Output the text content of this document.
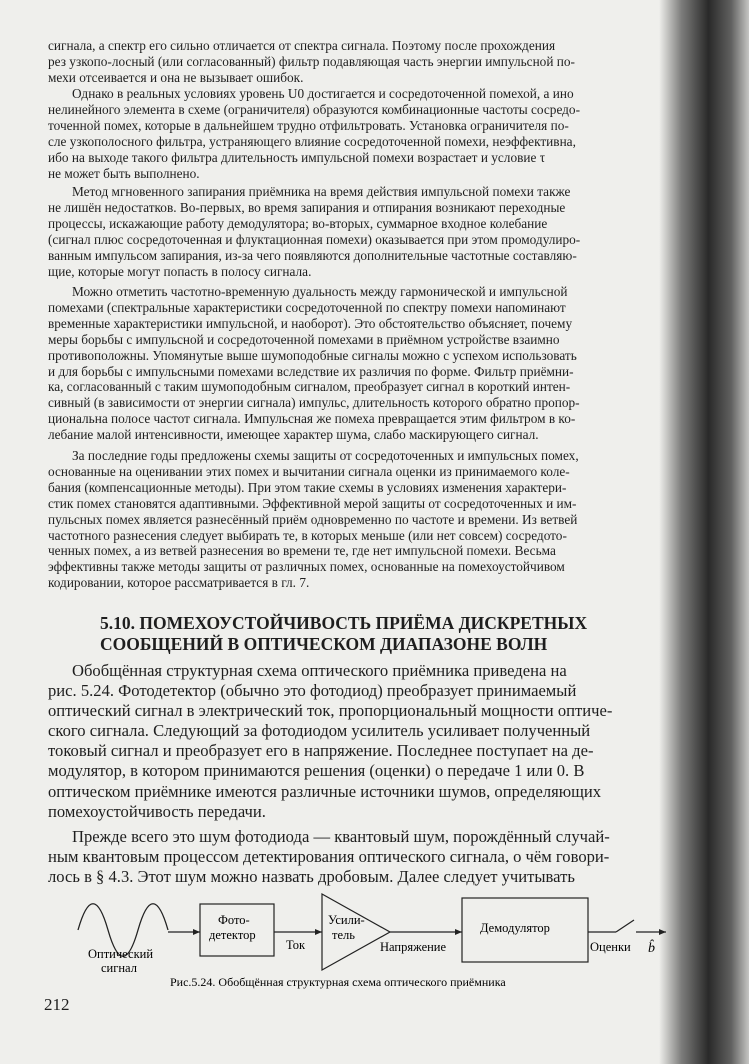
сигнала, а спектр его сильно отличается от спектра сигнала. Поэтому после прохождения
рез узкопо-лосный (или согласованный) фильтр подавляющая часть энергии импульсной по-
мехи отсеивается и она не вызывает ошибок.
Однако в реальных условиях уровень U0 достигается и сосредоточенной помехой, а ино
нелинейного элемента в схеме (ограничителя) образуются комбинационные частоты сосредо-
точенной помех, которые в дальнейшем трудно отфильтровать. Установка ограничителя по-
сле узкополосного фильтра, устраняющего влияние сосредоточенной помехи, неэффективна,
ибо на выходе такого фильтра длительность импульсной помехи возрастает и условие τ
не может быть выполнено.
Метод мгновенного запирания приёмника на время действия импульсной помехи также
не лишён недостатков. Во-первых, во время запирания и отпирания возникают переходные
процессы, искажающие работу демодулятора; во-вторых, суммарное входное колебание
(сигнал плюс сосредоточенная и флуктационная помехи) оказывается при этом промодулиро-
ванным импульсом запирания, из-за чего появляются дополнительные частотные составляю-
щие, которые могут попасть в полосу сигнала.
Можно отметить частотно-временную дуальность между гармонической и импульсной
помехами (спектральные характеристики сосредоточенной по спектру помехи напоминают
временные характеристики импульсной, и наоборот). Это обстоятельство объясняет, почему
меры борьбы с импульсной и сосредоточенной помехами в приёмном устройстве взаимно
противоположны. Упомянутые выше шумоподобные сигналы можно с успехом использовать
и для борьбы с импульсными помехами вследствие их различия по форме. Фильтр приёмни-
ка, согласованный с таким шумоподобным сигналом, преобразует сигнал в короткий интен-
сивный (в зависимости от энергии сигнала) импульс, длительность которого обратно пропор-
циональна полосе частот сигнала. Импульсная же помеха превращается этим фильтром в ко-
лебание малой интенсивности, имеющее характер шума, слабо маскирующего сигнал.
За последние годы предложены схемы защиты от сосредоточенных и импульсных помех,
основанные на оценивании этих помех и вычитании сигнала оценки из принимаемого коле-
бания (компенсационные методы). При этом такие схемы в условиях изменения характери-
стик помех становятся адаптивными. Эффективной мерой защиты от сосредоточенных и им-
пульсных помех является разнесённый приём одновременно по частоте и времени. Из ветвей
частотного разнесения следует выбирать те, в которых меньше (или нет совсем) сосредото-
ченных помех, а из ветвей разнесения во времени те, где нет импульсной помехи. Весьма
эффективны также методы защиты от различных помех, основанные на помехоустойчивом
кодировании, которое рассматривается в гл. 7.
5.10. ПОМЕХОУСТОЙЧИВОСТЬ ПРИЁМА ДИСКРЕТНЫХ
СООБЩЕНИЙ В ОПТИЧЕСКОМ ДИАПАЗОНЕ ВОЛН
Обобщённая структурная схема оптического приёмника приведена на
рис. 5.24. Фотодетектор (обычно это фотодиод) преобразует принимаемый
оптический сигнал в электрический ток, пропорциональный мощности оптиче-
ского сигнала. Следующий за фотодиодом усилитель усиливает полученный
токовый сигнал и преобразует его в напряжение. Последнее поступает на де-
модулятор, в котором принимаются решения (оценки) о передаче 1 или 0. В
оптическом приёмнике имеются различные источники шумов, определяющих
помехоустойчивость передачи.
Прежде всего это шум фотодиода — квантовый шум, порождённый случай-
ным квантовым процессом детектирования оптического сигнала, о чём говори-
лось в § 4.3. Этот шум можно назвать дробовым. Далее следует учитывать
Оптический
сигнал
Фото-
детектор
Ток
Усили-
тель
Напряжение
Демодулятор
Оценки b̂
Рис.5.24. Обобщённая структурная схема оптического приёмника
212
